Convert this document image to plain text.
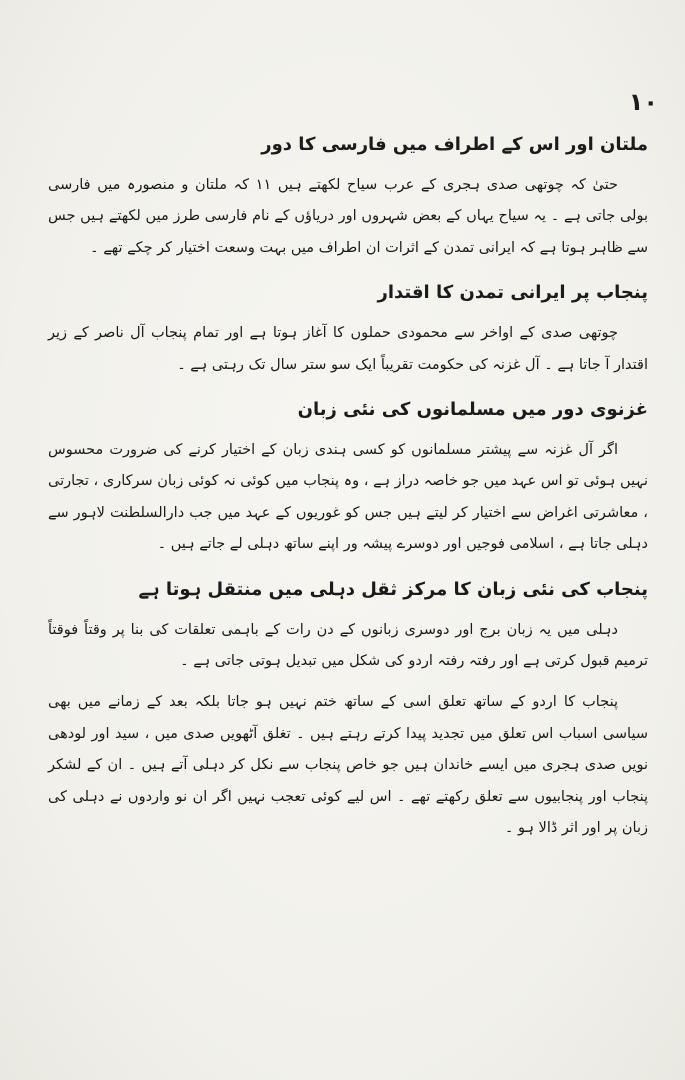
۱۰
ملتان اور اس کے اطراف میں فارسی کا دور

حتیٰ کہ چوتھی صدی ہجری کے عرب سیاح لکھتے ہیں ۱۱ کہ ملتان و منصورہ میں فارسی بولی جاتی ہے ۔ یہ سیاح یہاں کے بعض شہروں اور دریاؤں کے نام فارسی طرز میں لکھتے ہیں جس سے ظاہر ہوتا ہے کہ ایرانی تمدن کے اثرات ان اطراف میں بہت وسعت اختیار کر چکے تھے ۔

پنجاب پر ایرانی تمدن کا اقتدار

چوتھی صدی کے اواخر سے محمودی حملوں کا آغاز ہوتا ہے اور تمام پنجاب آل ناصر کے زیر اقتدار آ جاتا ہے ۔ آل غزنہ کی حکومت تقریباً ایک سو ستر سال تک رہتی ہے ۔

غزنوی دور میں مسلمانوں کی نئی زبان

اگر آل غزنہ سے پیشتر مسلمانوں کو کسی ہندی زبان کے اختیار کرنے کی ضرورت محسوس نہیں ہوئی تو اس عہد میں جو خاصہ دراز ہے ، وہ پنجاب میں کوئی نہ کوئی زبان سرکاری ، تجارتی ، معاشرتی اغراض سے اختیار کر لیتے ہیں جس کو غوریوں کے عہد میں جب دارالسلطنت لاہور سے دہلی جاتا ہے ، اسلامی فوجیں اور دوسرے پیشہ ور اپنے ساتھ دہلی لے جاتے ہیں ۔

پنجاب کی نئی زبان کا مرکز ثقل دہلی میں منتقل ہوتا ہے

دہلی میں یہ زبان برج اور دوسری زبانوں کے دن رات کے باہمی تعلقات کی بنا پر وقتاً فوقتاً ترمیم قبول کرتی ہے اور رفتہ رفتہ اردو کی شکل میں تبدیل ہوتی جاتی ہے ۔

پنجاب کا اردو کے ساتھ تعلق اسی کے ساتھ ختم نہیں ہو جاتا بلکہ بعد کے زمانے میں بھی سیاسی اسباب اس تعلق میں تجدید پیدا کرتے رہتے ہیں ۔ تغلق آٹھویں صدی میں ، سید اور لودھی نویں صدی ہجری میں ایسے خاندان ہیں جو خاص پنجاب سے نکل کر دہلی آتے ہیں ۔ ان کے لشکر پنجاب اور پنجابیوں سے تعلق رکھتے تھے ۔ اس لیے کوئی تعجب نہیں اگر ان نو واردوں نے دہلی کی زبان پر اور اثر ڈالا ہو ۔
